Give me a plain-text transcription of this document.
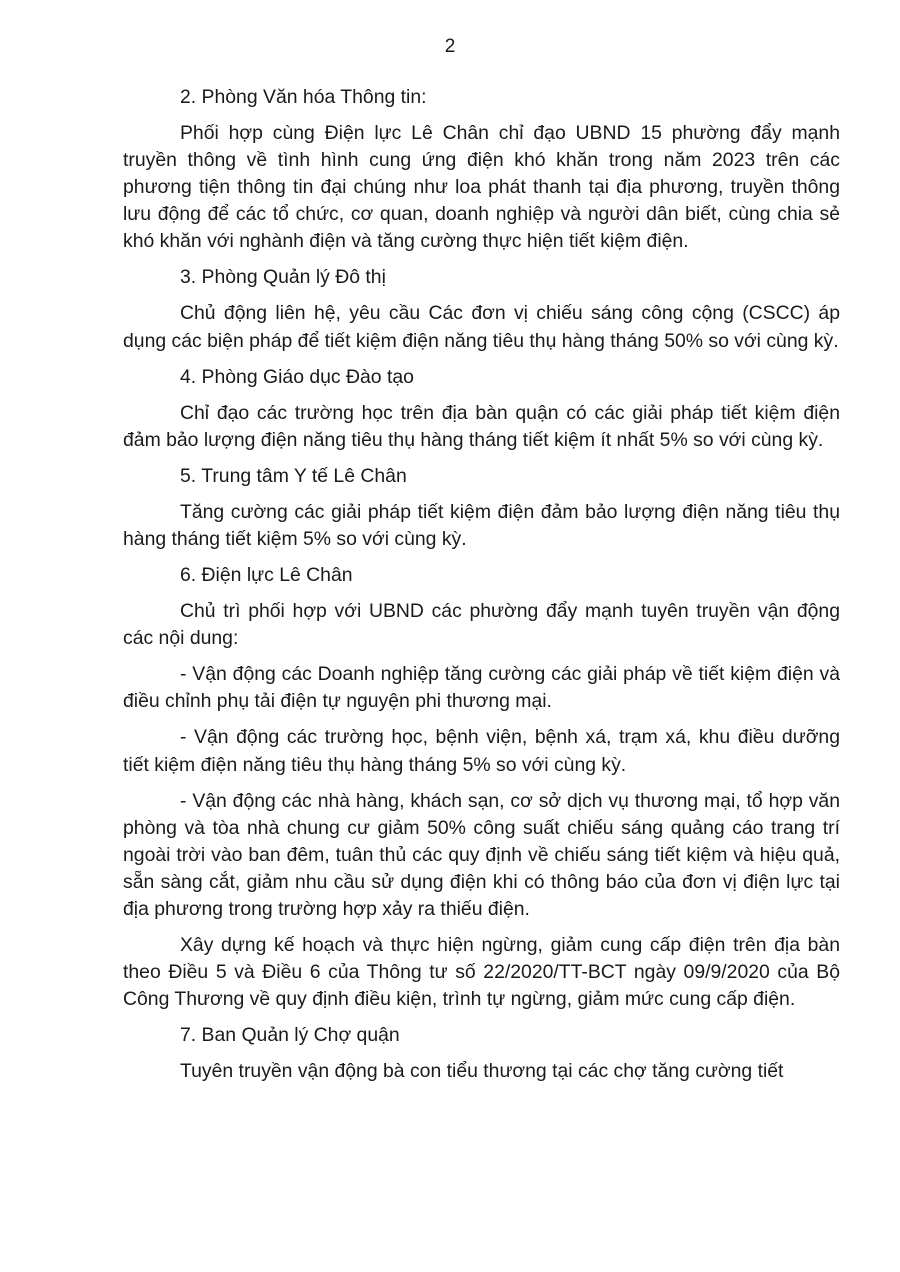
2

2. Phòng Văn hóa Thông tin:

Phối hợp cùng Điện lực Lê Chân chỉ đạo UBND 15 phường đẩy mạnh truyền thông về tình hình cung ứng điện khó khăn trong năm 2023 trên các phương tiện thông tin đại chúng như loa phát thanh tại địa phương, truyền thông lưu động để các tổ chức, cơ quan, doanh nghiệp và người dân biết, cùng chia sẻ khó khăn với nghành điện và tăng cường thực hiện tiết kiệm điện.

3. Phòng Quản lý Đô thị

Chủ động liên hệ, yêu cầu Các đơn vị chiếu sáng công cộng (CSCC) áp dụng các biện pháp để tiết kiệm điện năng tiêu thụ hàng tháng 50% so với cùng kỳ.

4. Phòng Giáo dục Đào tạo

Chỉ đạo các trường học trên địa bàn quận có các giải pháp tiết kiệm điện đảm bảo lượng điện năng tiêu thụ hàng tháng tiết kiệm ít nhất 5% so với cùng kỳ.

5. Trung tâm Y tế Lê Chân

Tăng cường các giải pháp tiết kiệm điện đảm bảo lượng điện năng tiêu thụ hàng tháng tiết kiệm 5% so với cùng kỳ.

6. Điện lực Lê Chân

Chủ trì phối hợp với UBND các phường đẩy mạnh tuyên truyền vận động các nội dung:

- Vận động các Doanh nghiệp tăng cường các giải pháp về tiết kiệm điện và điều chỉnh phụ tải điện tự nguyện phi thương mại.

- Vận động các trường học, bệnh viện, bệnh xá, trạm xá, khu điều dưỡng tiết kiệm điện năng tiêu thụ hàng tháng 5% so với cùng kỳ.

- Vận động các nhà hàng, khách sạn, cơ sở dịch vụ thương mại, tổ hợp văn phòng và tòa nhà chung cư giảm 50% công suất chiếu sáng quảng cáo trang trí ngoài trời vào ban đêm, tuân thủ các quy định về chiếu sáng tiết kiệm và hiệu quả, sẵn sàng cắt, giảm nhu cầu sử dụng điện khi có thông báo của đơn vị điện lực tại địa phương trong trường hợp xảy ra thiếu điện.

Xây dựng kế hoạch và thực hiện ngừng, giảm cung cấp điện trên địa bàn theo Điều 5 và Điều 6 của Thông tư số 22/2020/TT-BCT ngày 09/9/2020 của Bộ Công Thương về quy định điều kiện, trình tự ngừng, giảm mức cung cấp điện.

7. Ban Quản lý Chợ quận

Tuyên truyền vận động bà con tiểu thương tại các chợ tăng cường tiết
